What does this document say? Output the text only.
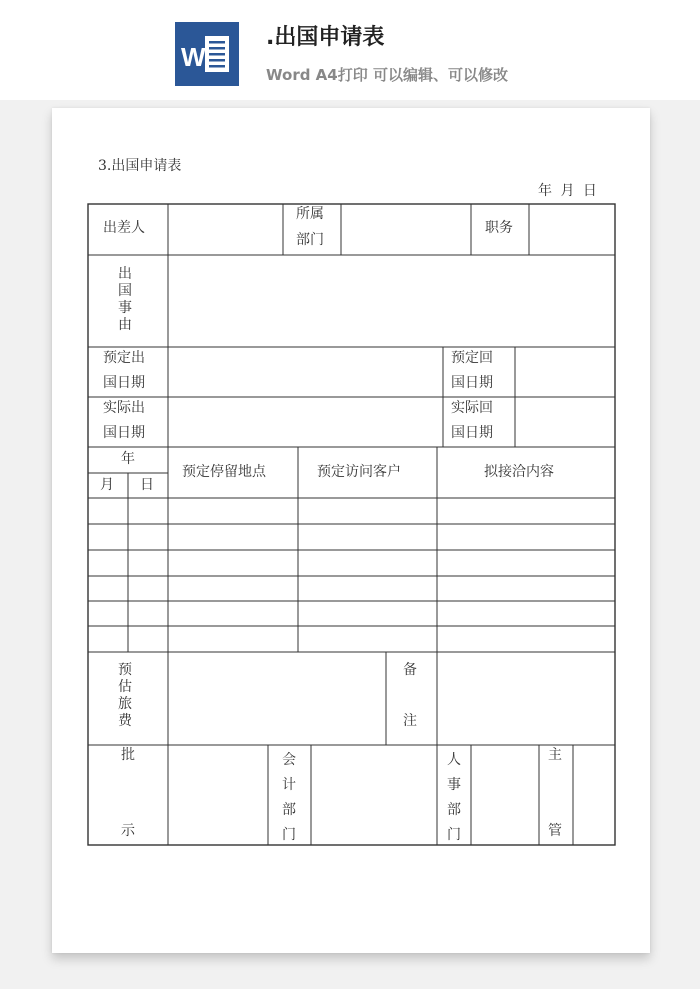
W
.出国申请表
Word A4打印 可以编辑、可以修改
3.出国申请表
年 月 日
出差人
所属
部门
职务
出
国
事
由
预定出
国日期
预定回
国日期
实际出
国日期
实际回
国日期
年
月 日
预定停留地点	预定访问客户	拟接洽内容
预
估
旅
费
备
注
批
示
会
计
部
门
人
事
部
门
主
管
